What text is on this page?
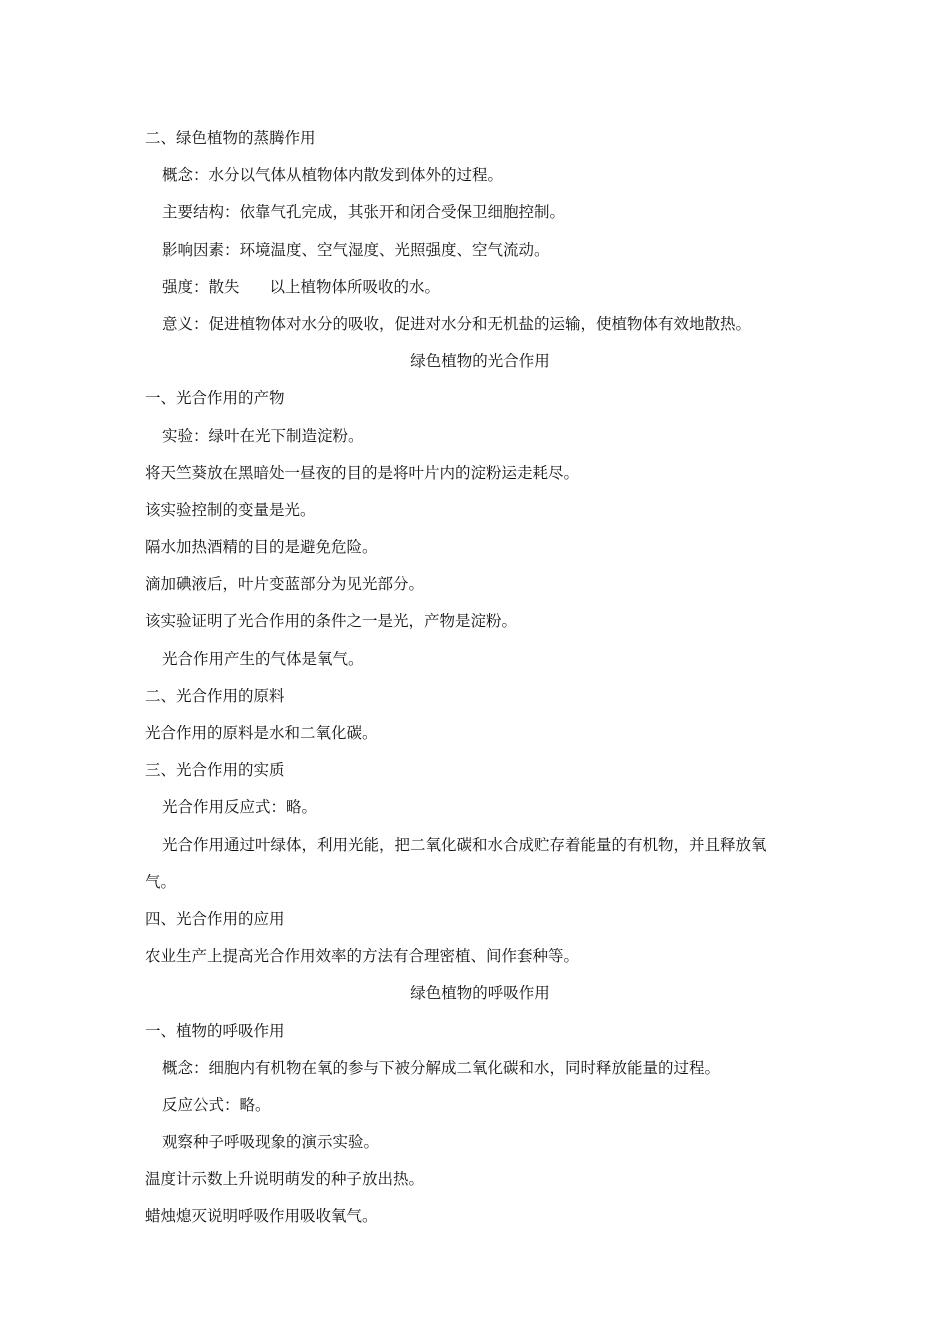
二、绿色植物的蒸腾作用
概念：水分以气体从植物体内散发到体外的过程。
主要结构：依靠气孔完成，其张开和闭合受保卫细胞控制。
影响因素：环境温度、空气湿度、光照强度、空气流动。
强度：散失 以上植物体所吸收的水。
意义：促进植物体对水分的吸收，促进对水分和无机盐的运输，使植物体有效地散热。
绿色植物的光合作用
一、光合作用的产物
实验：绿叶在光下制造淀粉。
将天竺葵放在黑暗处一昼夜的目的是将叶片内的淀粉运走耗尽。
该实验控制的变量是光。
隔水加热酒精的目的是避免危险。
滴加碘液后，叶片变蓝部分为见光部分。
该实验证明了光合作用的条件之一是光，产物是淀粉。
光合作用产生的气体是氧气。
二、光合作用的原料
光合作用的原料是水和二氧化碳。
三、光合作用的实质
光合作用反应式：略。
光合作用通过叶绿体，利用光能，把二氧化碳和水合成贮存着能量的有机物，并且释放氧
气。
四、光合作用的应用
农业生产上提高光合作用效率的方法有合理密植、间作套种等。
绿色植物的呼吸作用
一、植物的呼吸作用
概念：细胞内有机物在氧的参与下被分解成二氧化碳和水，同时释放能量的过程。
反应公式：略。
观察种子呼吸现象的演示实验。
温度计示数上升说明萌发的种子放出热。
蜡烛熄灭说明呼吸作用吸收氧气。
